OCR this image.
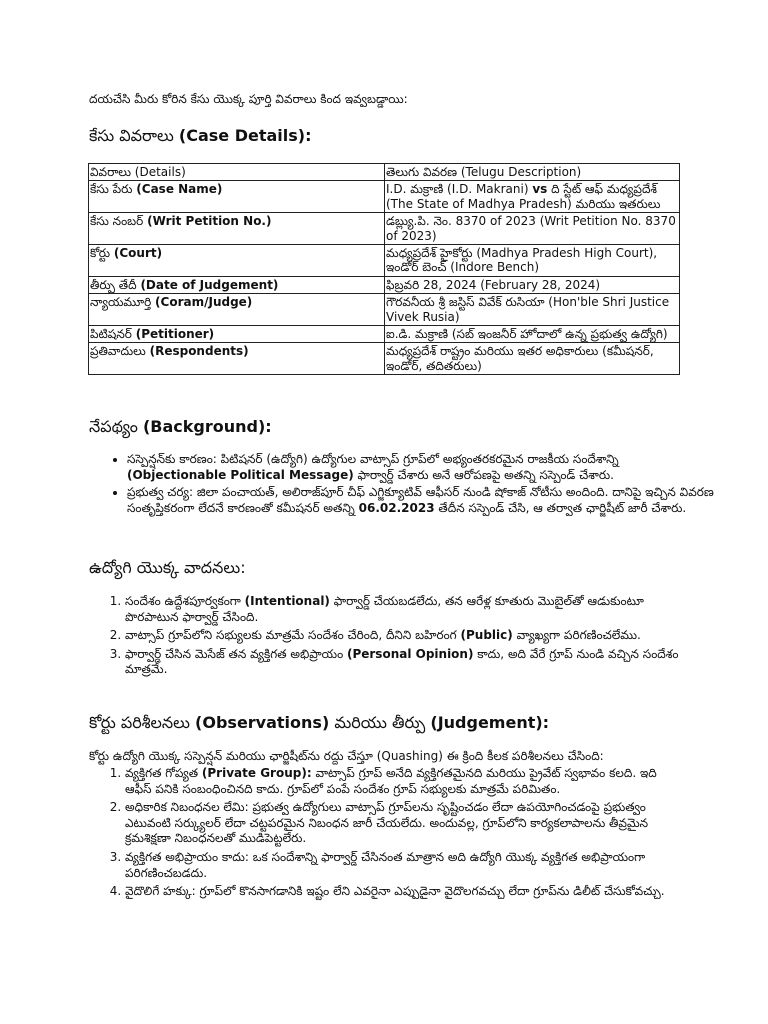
దయచేసి మీరు కోరిన కేసు యొక్క పూర్తి వివరాలు కింద ఇవ్వబడ్డాయి:
కేసు వివరాలు (Case Details):
వివరాలు (Details)	తెలుగు వివరణ (Telugu Description)
కేసు పేరు (Case Name)	I.D. మక్రాణి (I.D. Makrani) vs ది స్టేట్ ఆఫ్ మధ్యప్రదేశ్ (The State of Madhya Pradesh) మరియు ఇతరులు
కేసు నంబర్ (Writ Petition No.)	డబ్ల్యు.పి. నెం. 8370 of 2023 (Writ Petition No. 8370 of 2023)
కోర్టు (Court)	మధ్యప్రదేశ్ హైకోర్టు (Madhya Pradesh High Court), ఇండోర్ బెంచ్ (Indore Bench)
తీర్పు తేదీ (Date of Judgement)	ఫిబ్రవరి 28, 2024 (February 28, 2024)
న్యాయమూర్తి (Coram/Judge)	గౌరవనీయ శ్రీ జస్టిస్ వివేక్ రుసియా (Hon'ble Shri Justice Vivek Rusia)
పిటిషనర్ (Petitioner)	ఐ.డి. మక్రాణి (సబ్ ఇంజనీర్ హోదాలో ఉన్న ప్రభుత్వ ఉద్యోగి)
ప్రతివాదులు (Respondents)	మధ్యప్రదేశ్ రాష్ట్రం మరియు ఇతర అధికారులు (కమీషనర్, ఇండోర్, తదితరులు)
నేపథ్యం (Background):
• సస్పెన్షన్‌కు కారణం: పిటిషనర్ (ఉద్యోగి) ఉద్యోగుల వాట్సాప్ గ్రూప్‌లో అభ్యంతరకరమైన రాజకీయ సందేశాన్ని (Objectionable Political Message) ఫార్వార్డ్ చేశారు అనే ఆరోపణపై అతన్ని సస్పెండ్ చేశారు.
• ప్రభుత్వ చర్య: జిలా పంచాయత్, అలిరాజ్‌పూర్ చీఫ్ ఎగ్జిక్యూటివ్ ఆఫీసర్ నుండి షోకాజ్ నోటీసు అందింది. దానిపై ఇచ్చిన వివరణ సంతృప్తికరంగా లేదనే కారణంతో కమీషనర్ అతన్ని 06.02.2023 తేదీన సస్పెండ్ చేసి, ఆ తర్వాత ఛార్జిషీట్ జారీ చేశారు.
ఉద్యోగి యొక్క వాదనలు:
1. సందేశం ఉద్దేశపూర్వకంగా (Intentional) ఫార్వార్డ్ చేయబడలేదు, తన ఆరేళ్ల కూతురు మొబైల్‌తో ఆడుకుంటూ పొరపాటున ఫార్వార్డ్ చేసింది.
2. వాట్సాప్ గ్రూప్‌లోని సభ్యులకు మాత్రమే సందేశం చేరింది, దీనిని బహిరంగ (Public) వ్యాఖ్యగా పరిగణించలేము.
3. ఫార్వార్డ్ చేసిన మెసేజ్ తన వ్యక్తిగత అభిప్రాయం (Personal Opinion) కాదు, అది వేరే గ్రూప్ నుండి వచ్చిన సందేశం మాత్రమే.
కోర్టు పరిశీలనలు (Observations) మరియు తీర్పు (Judgement):
కోర్టు ఉద్యోగి యొక్క సస్పెన్షన్ మరియు ఛార్జిషీట్‌ను రద్దు చేస్తూ (Quashing) ఈ క్రింది కీలక పరిశీలనలు చేసింది:
1. వ్యక్తిగత గోప్యత (Private Group): వాట్సాప్ గ్రూప్ అనేది వ్యక్తిగతమైనది మరియు ప్రైవేట్ స్వభావం కలది. ఇది ఆఫీస్ పనికి సంబంధించినది కాదు. గ్రూప్‌లో పంపే సందేశం గ్రూప్ సభ్యులకు మాత్రమే పరిమితం.
2. అధికారిక నిబంధనల లేమి: ప్రభుత్వ ఉద్యోగులు వాట్సాప్ గ్రూప్‌లను సృష్టించడం లేదా ఉపయోగించడంపై ప్రభుత్వం ఎటువంటి సర్క్యులర్ లేదా చట్టపరమైన నిబంధన జారీ చేయలేదు. అందువల్ల, గ్రూప్‌లోని కార్యకలాపాలను తీవ్రమైన క్రమశిక్షణా నిబంధనలతో ముడిపెట్టలేరు.
3. వ్యక్తిగత అభిప్రాయం కాదు: ఒక సందేశాన్ని ఫార్వార్డ్ చేసినంత మాత్రాన అది ఉద్యోగి యొక్క వ్యక్తిగత అభిప్రాయంగా పరిగణించబడదు.
4. వైదొలిగే హక్కు: గ్రూప్‌లో కొనసాగడానికి ఇష్టం లేని ఎవరైనా ఎప్పుడైనా వైదొలగవచ్చు లేదా గ్రూప్‌ను డిలీట్ చేసుకోవచ్చు.
